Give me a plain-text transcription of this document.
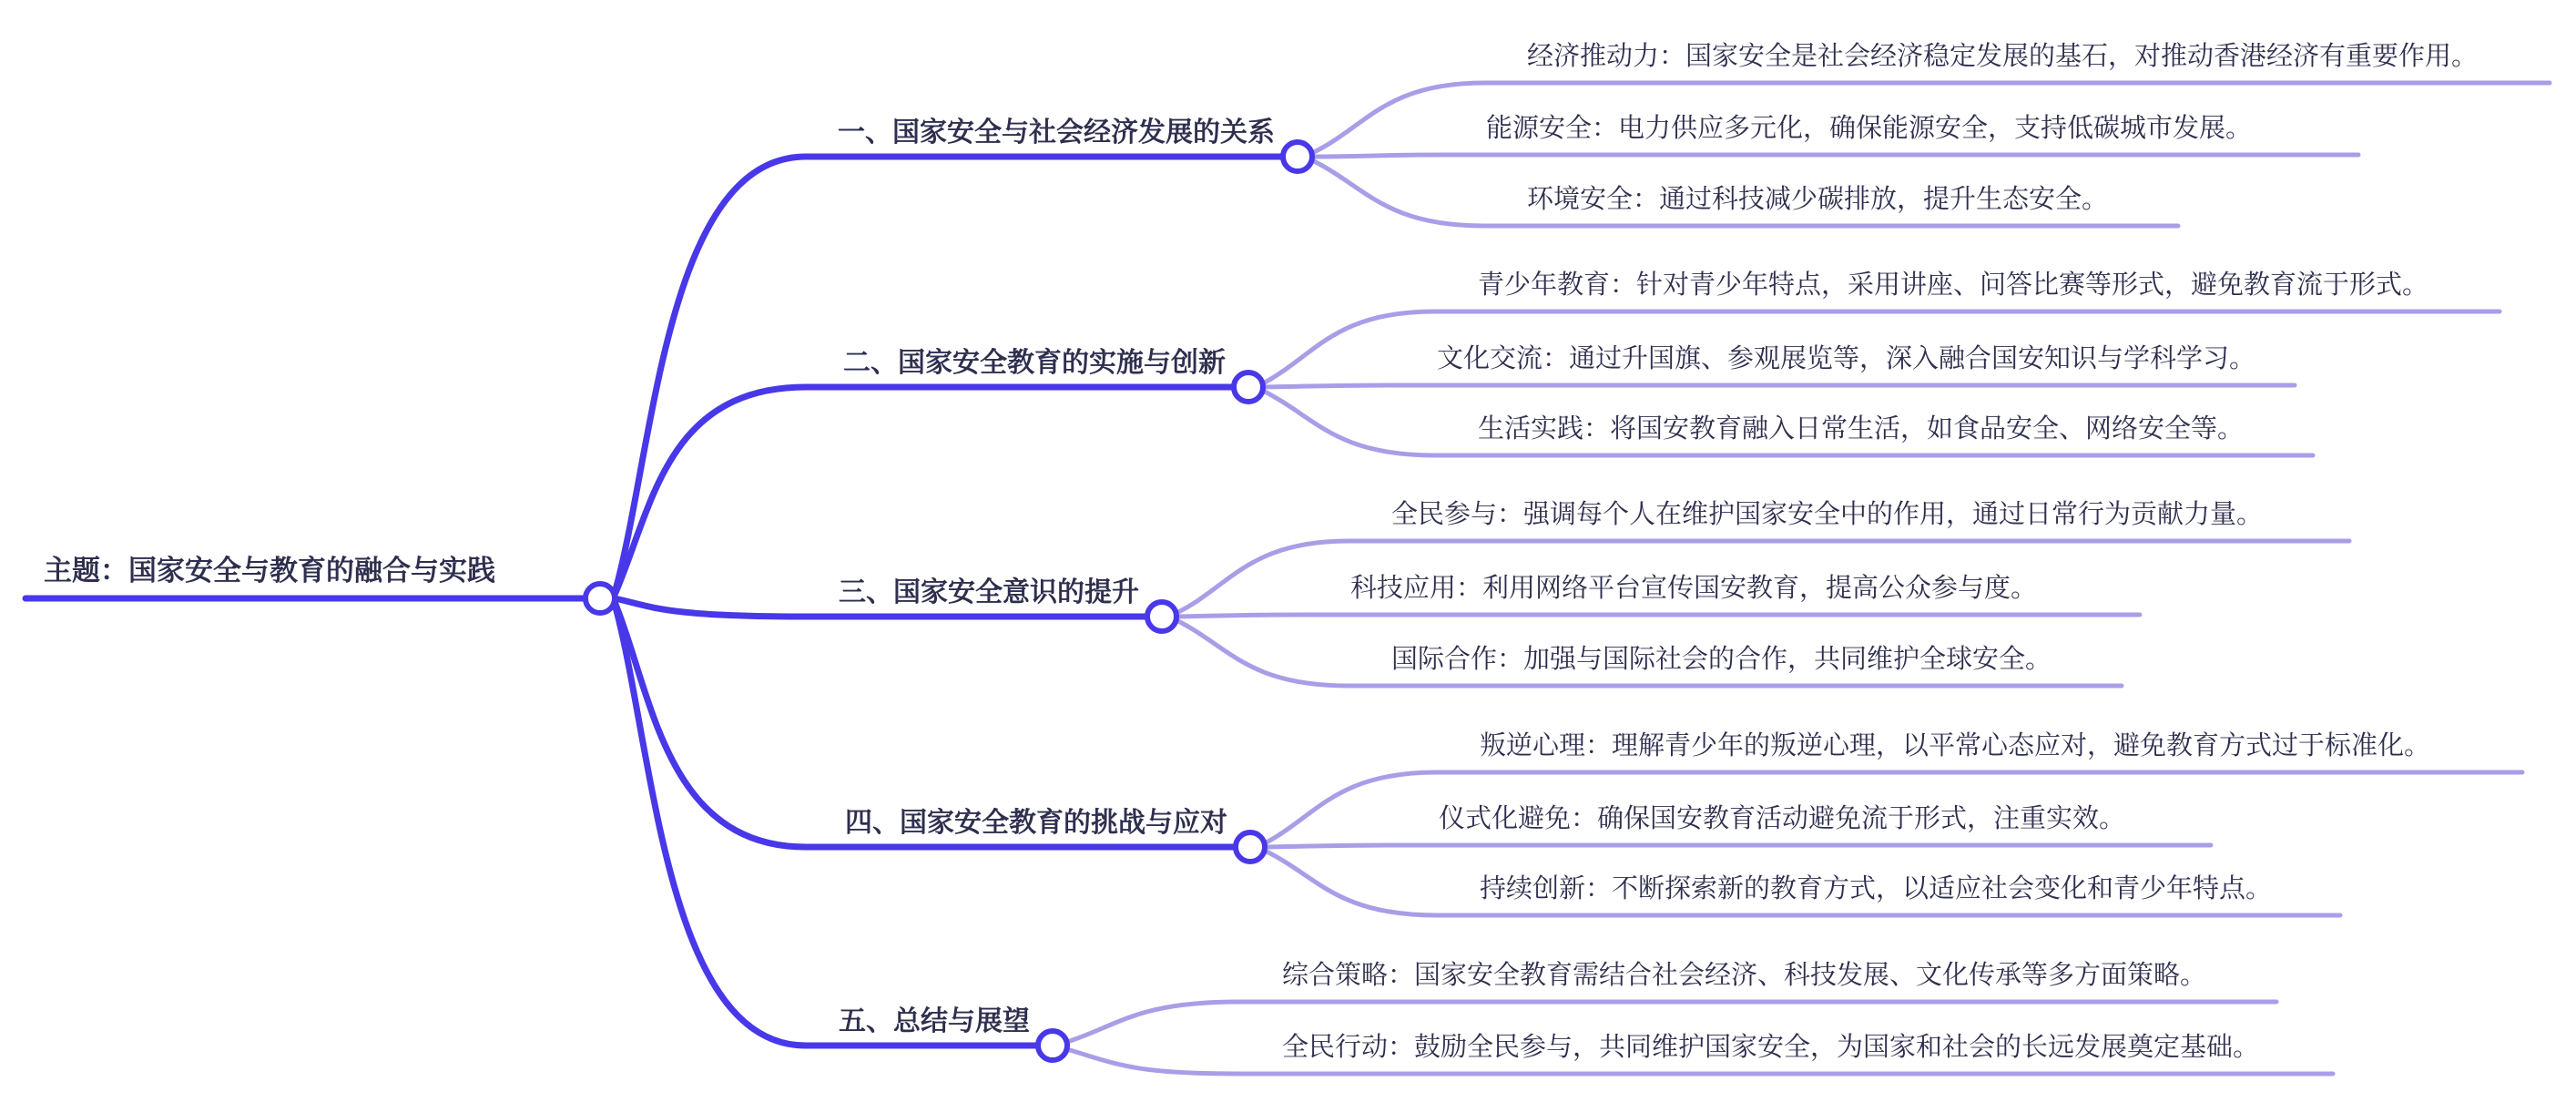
主题：国家安全与教育的融合与实践
一、国家安全与社会经济发展的关系
二、国家安全教育的实施与创新
三、国家安全意识的提升
四、国家安全教育的挑战与应对
五、总结与展望
经济推动力：国家安全是社会经济稳定发展的基石，对推动香港经济有重要作用。
能源安全：电力供应多元化，确保能源安全，支持低碳城市发展。
环境安全：通过科技减少碳排放，提升生态安全。
青少年教育：针对青少年特点，采用讲座、问答比赛等形式，避免教育流于形式。
文化交流：通过升国旗、参观展览等，深入融合国安知识与学科学习。
生活实践：将国安教育融入日常生活，如食品安全、网络安全等。
全民参与：强调每个人在维护国家安全中的作用，通过日常行为贡献力量。
科技应用：利用网络平台宣传国安教育，提高公众参与度。
国际合作：加强与国际社会的合作，共同维护全球安全。
叛逆心理：理解青少年的叛逆心理，以平常心态应对，避免教育方式过于标准化。
仪式化避免：确保国安教育活动避免流于形式，注重实效。
持续创新：不断探索新的教育方式，以适应社会变化和青少年特点。
综合策略：国家安全教育需结合社会经济、科技发展、文化传承等多方面策略。
全民行动：鼓励全民参与，共同维护国家安全，为国家和社会的长远发展奠定基础。
